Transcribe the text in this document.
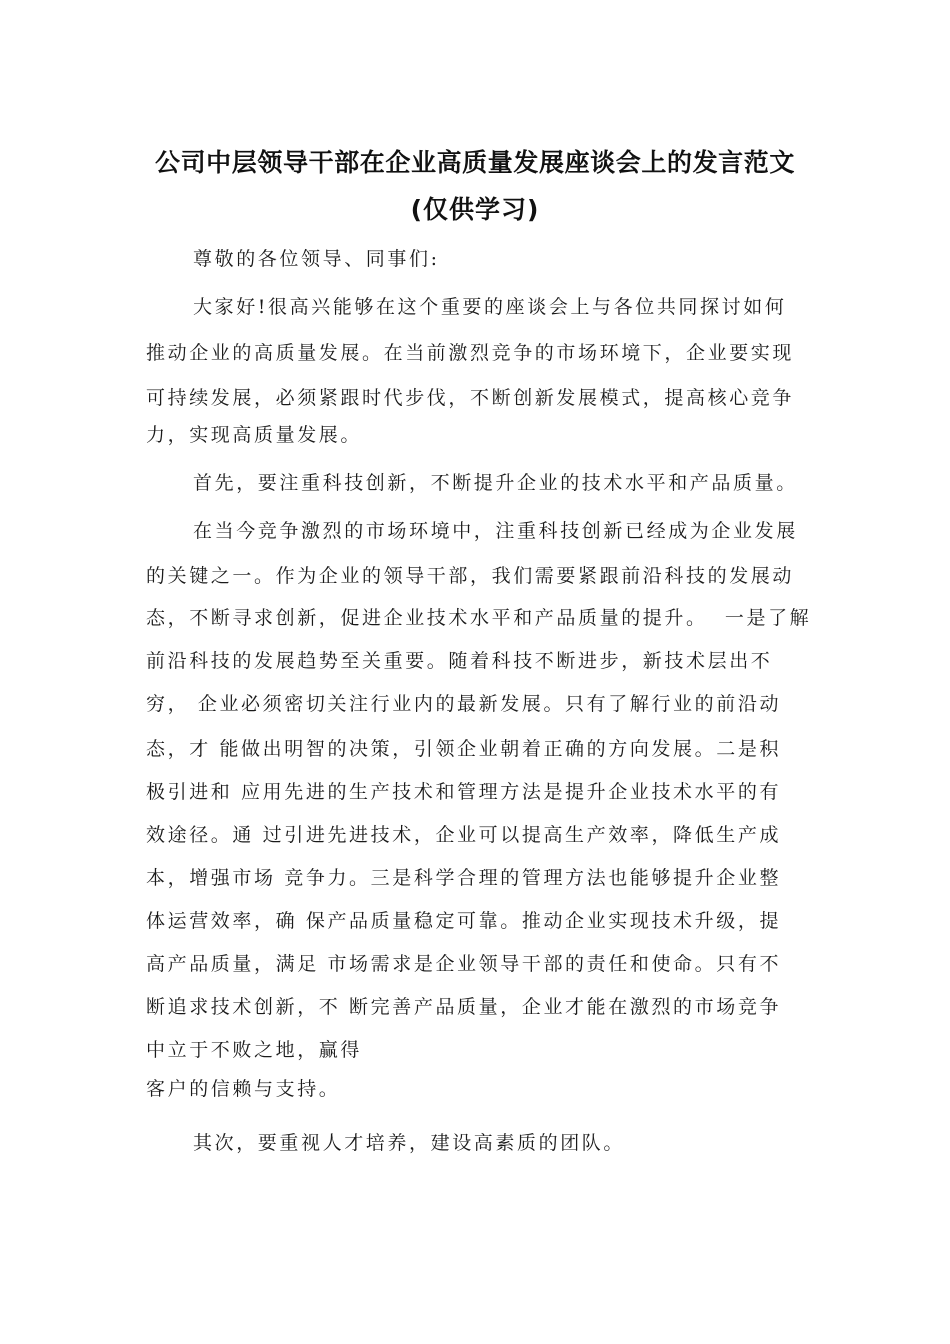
公司中层领导干部在企业高质量发展座谈会上的发言范文
(仅供学习)
尊敬的各位领导、同事们:
大家好!很高兴能够在这个重要的座谈会上与各位共同探讨如何
推动企业的高质量发展。在当前激烈竞争的市场环境下，企业要实现
可持续发展，必须紧跟时代步伐，不断创新发展模式，提高核心竞争
力，实现高质量发展。
首先，要注重科技创新，不断提升企业的技术水平和产品质量。
在当今竞争激烈的市场环境中，注重科技创新已经成为企业发展
的关键之一。作为企业的领导干部，我们需要紧跟前沿科技的发展动
态，不断寻求创新，促进企业技术水平和产品质量的提升。  一是了解
前沿科技的发展趋势至关重要。随着科技不断进步，新技术层出不
穷， 企业必须密切关注行业内的最新发展。只有了解行业的前沿动
态，才 能做出明智的决策，引领企业朝着正确的方向发展。二是积
极引进和 应用先进的生产技术和管理方法是提升企业技术水平的有
效途径。通 过引进先进技术，企业可以提高生产效率，降低生产成
本，增强市场 竞争力。三是科学合理的管理方法也能够提升企业整
体运营效率，确 保产品质量稳定可靠。推动企业实现技术升级，提
高产品质量，满足 市场需求是企业领导干部的责任和使命。只有不
断追求技术创新，不 断完善产品质量，企业才能在激烈的市场竞争
中立于不败之地，赢得
客户的信赖与支持。
其次，要重视人才培养，建设高素质的团队。
